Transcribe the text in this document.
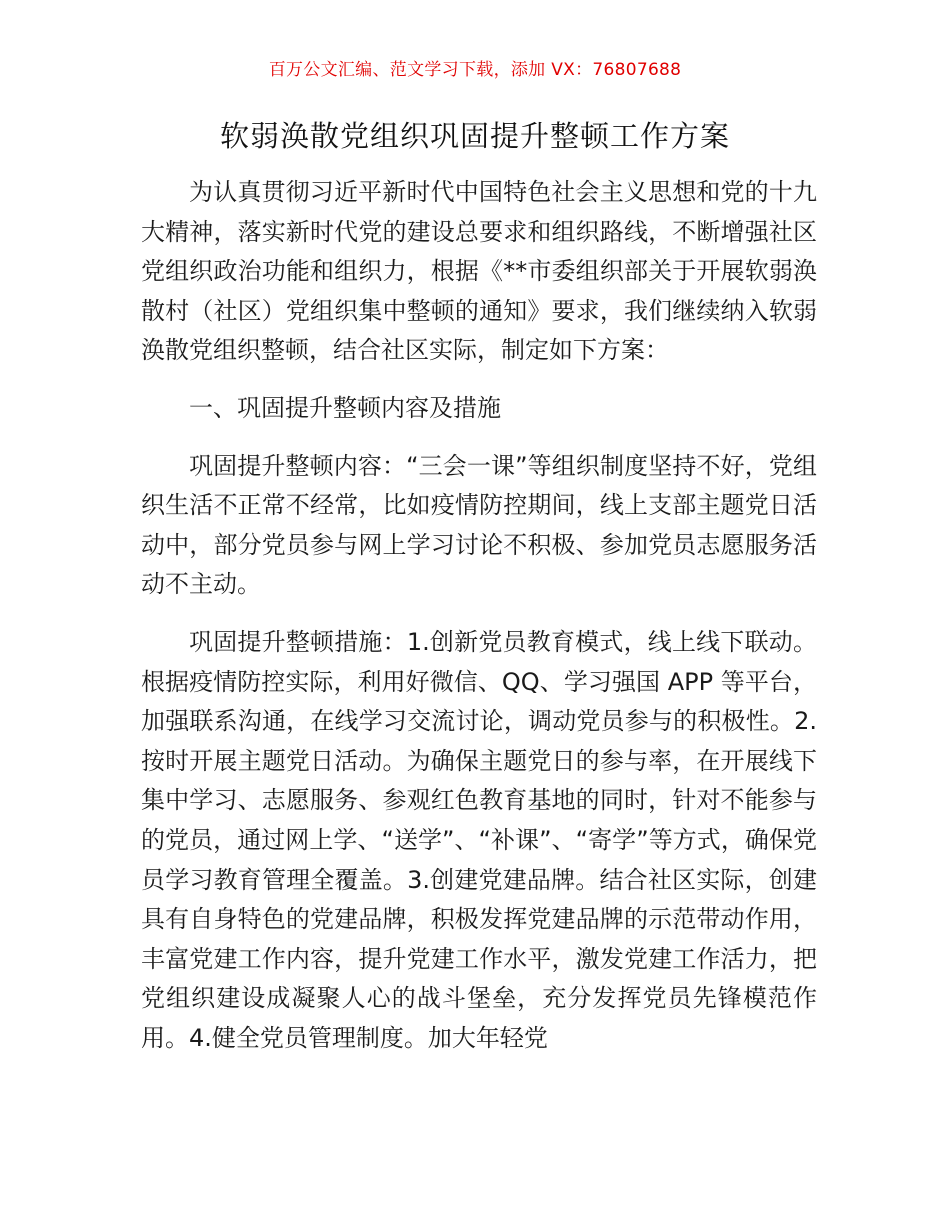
百万公文汇编、范文学习下载，添加 VX：76807688
软弱涣散党组织巩固提升整顿工作方案

为认真贯彻习近平新时代中国特色社会主义思想和党的十九大精神，落实新时代党的建设总要求和组织路线，不断增强社区党组织政治功能和组织力，根据《**市委组织部关于开展软弱涣散村（社区）党组织集中整顿的通知》要求，我们继续纳入软弱涣散党组织整顿，结合社区实际，制定如下方案：

一、巩固提升整顿内容及措施

巩固提升整顿内容：“三会一课”等组织制度坚持不好，党组织生活不正常不经常，比如疫情防控期间，线上支部主题党日活动中，部分党员参与网上学习讨论不积极、参加党员志愿服务活动不主动。

巩固提升整顿措施：1.创新党员教育模式，线上线下联动。根据疫情防控实际，利用好微信、QQ、学习强国 APP 等平台，加强联系沟通，在线学习交流讨论，调动党员参与的积极性。2.按时开展主题党日活动。为确保主题党日的参与率，在开展线下集中学习、志愿服务、参观红色教育基地的同时，针对不能参与的党员，通过网上学、“送学”、“补课”、“寄学”等方式，确保党员学习教育管理全覆盖。3.创建党建品牌。结合社区实际，创建具有自身特色的党建品牌，积极发挥党建品牌的示范带动作用，丰富党建工作内容，提升党建工作水平，激发党建工作活力，把党组织建设成凝聚人心的战斗堡垒，充分发挥党员先锋模范作用。4.健全党员管理制度。加大年轻党
